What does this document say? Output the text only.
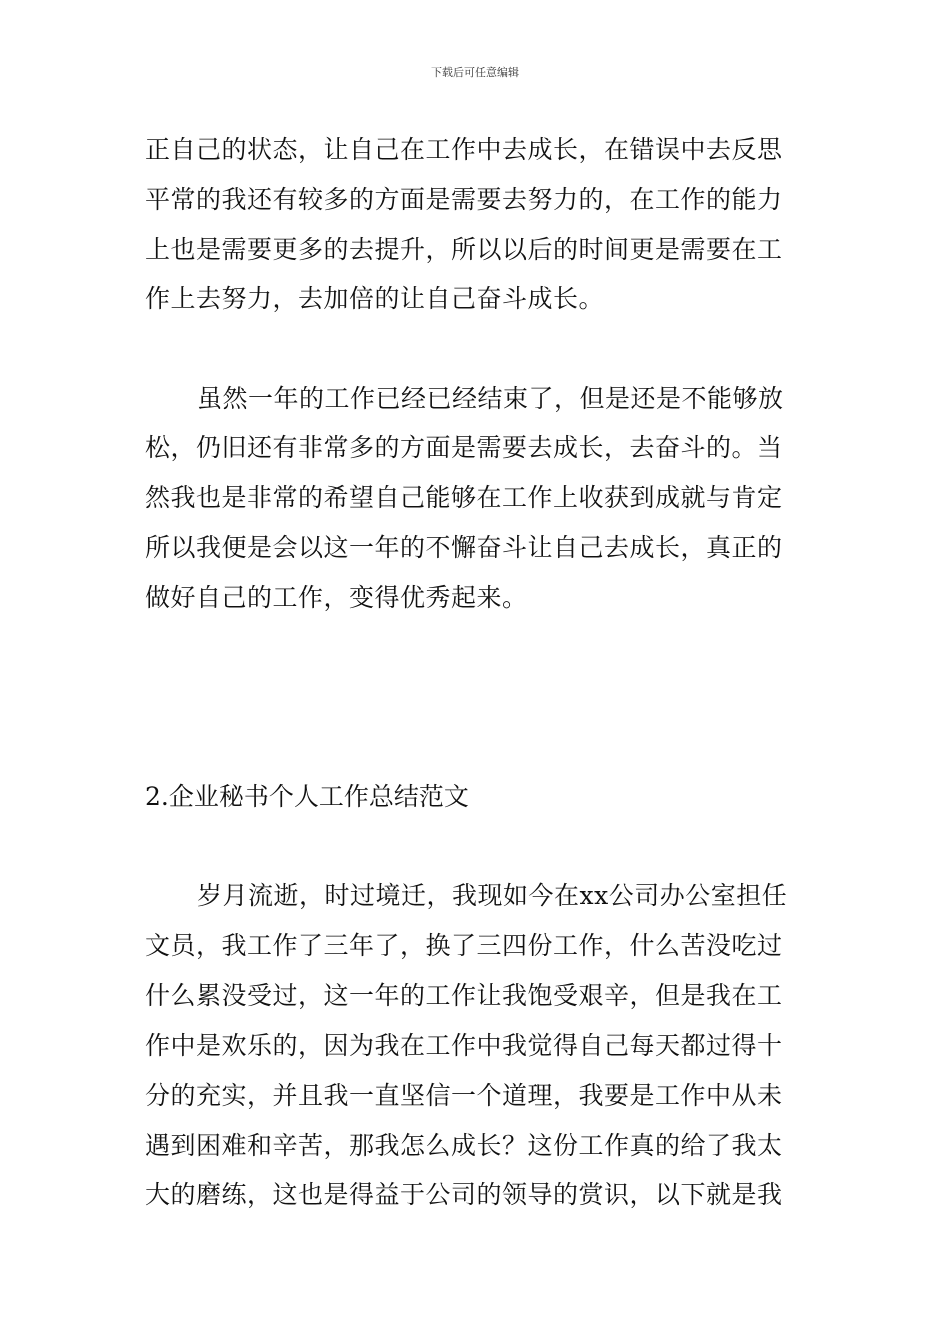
下载后可任意编辑
正自己的状态，让自己在工作中去成长，在错误中去反思
平常的我还有较多的方面是需要去努力的，在工作的能力
上也是需要更多的去提升，所以以后的时间更是需要在工
作上去努力，去加倍的让自己奋斗成长。
虽然一年的工作已经已经结束了，但是还是不能够放
松，仍旧还有非常多的方面是需要去成长，去奋斗的。当
然我也是非常的希望自己能够在工作上收获到成就与肯定
所以我便是会以这一年的不懈奋斗让自己去成长，真正的
做好自己的工作，变得优秀起来。
2.企业秘书个人工作总结范文
岁月流逝，时过境迁，我现如今在xx公司办公室担任
文员，我工作了三年了，换了三四份工作，什么苦没吃过
什么累没受过，这一年的工作让我饱受艰辛，但是我在工
作中是欢乐的，因为我在工作中我觉得自己每天都过得十
分的充实，并且我一直坚信一个道理，我要是工作中从未
遇到困难和辛苦，那我怎么成长？这份工作真的给了我太
大的磨练，这也是得益于公司的领导的赏识，以下就是我
